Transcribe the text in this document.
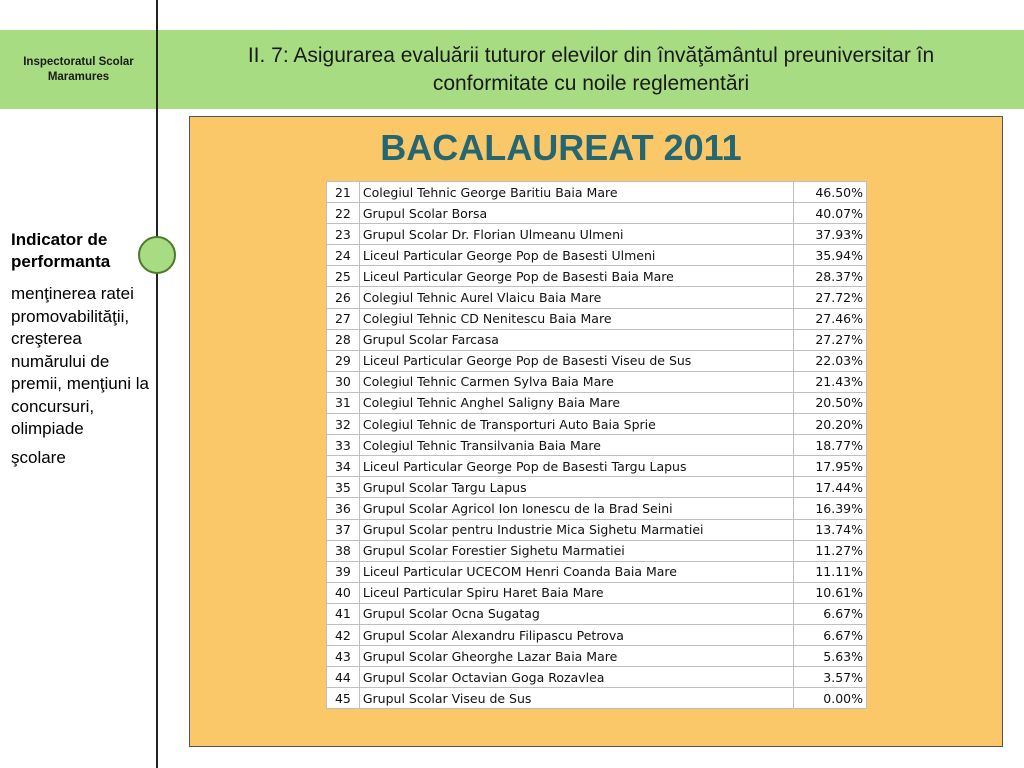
Inspectoratul Scolar Maramures
II. 7: Asigurarea evaluării tuturor elevilor din învăţământul preuniversitar în conformitate cu noile reglementări
Indicator de performanta
menţinerea ratei promovabilităţii, creşterea numărului de premii, menţiuni la concursuri, olimpiade
şcolare
BACALAUREAT 2011
21	Colegiul Tehnic George Baritiu Baia Mare	46.50%
22	Grupul Scolar Borsa	40.07%
23	Grupul Scolar Dr. Florian Ulmeanu Ulmeni	37.93%
24	Liceul Particular George Pop de Basesti Ulmeni	35.94%
25	Liceul Particular George Pop de Basesti Baia Mare	28.37%
26	Colegiul Tehnic Aurel Vlaicu Baia Mare	27.72%
27	Colegiul Tehnic CD Nenitescu Baia Mare	27.46%
28	Grupul Scolar Farcasa	27.27%
29	Liceul Particular George Pop de Basesti Viseu de Sus	22.03%
30	Colegiul Tehnic Carmen Sylva Baia Mare	21.43%
31	Colegiul Tehnic Anghel Saligny Baia Mare	20.50%
32	Colegiul Tehnic de Transporturi Auto Baia Sprie	20.20%
33	Colegiul Tehnic Transilvania Baia Mare	18.77%
34	Liceul Particular George Pop de Basesti Targu Lapus	17.95%
35	Grupul Scolar Targu Lapus	17.44%
36	Grupul Scolar Agricol Ion Ionescu de la Brad Seini	16.39%
37	Grupul Scolar pentru Industrie Mica Sighetu Marmatiei	13.74%
38	Grupul Scolar Forestier Sighetu Marmatiei	11.27%
39	Liceul Particular UCECOM Henri Coanda Baia Mare	11.11%
40	Liceul Particular Spiru Haret Baia Mare	10.61%
41	Grupul Scolar Ocna Sugatag	6.67%
42	Grupul Scolar Alexandru Filipascu Petrova	6.67%
43	Grupul Scolar Gheorghe Lazar Baia Mare	5.63%
44	Grupul Scolar Octavian Goga Rozavlea	3.57%
45	Grupul Scolar Viseu de Sus	0.00%
